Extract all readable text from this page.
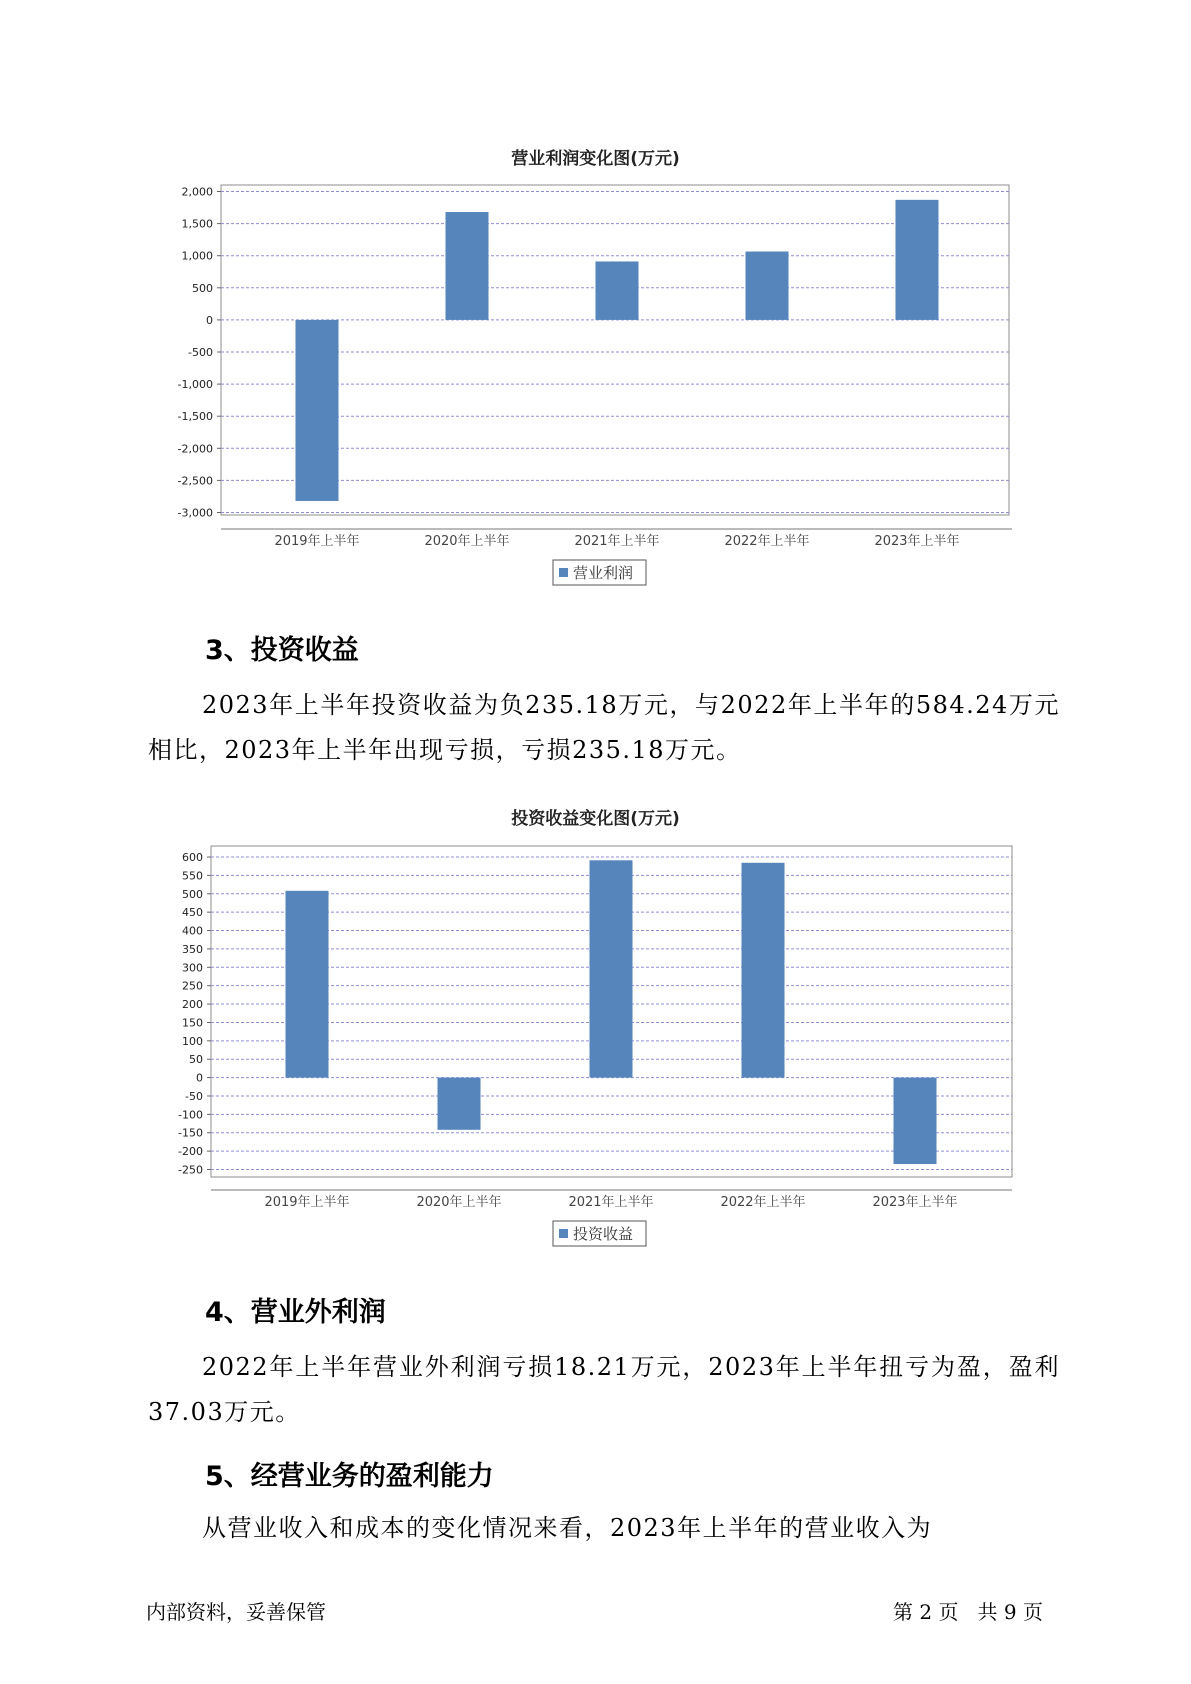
营业利润变化图(万元)
2,000
1,500
1,000
500
0
-500
-1,000
-1,500
-2,000
-2,500
-3,000
2019年上半年	2020年上半年	2021年上半年	2022年上半年	2023年上半年
营业利润
3、投资收益

2023年上半年投资收益为负235.18万元，与2022年上半年的584.24万元相比，2023年上半年出现亏损，亏损235.18万元。

投资收益变化图(万元)
600
550
500
450
400
350
300
250
200
150
100
50
0
-50
-100
-150
-200
-250
2019年上半年	2020年上半年	2021年上半年	2022年上半年	2023年上半年
投资收益
4、营业外利润

2022年上半年营业外利润亏损18.21万元，2023年上半年扭亏为盈，盈利37.03万元。

5、经营业务的盈利能力

从营业收入和成本的变化情况来看，2023年上半年的营业收入为

内部资料，妥善保管	第 2 页   共 9 页
